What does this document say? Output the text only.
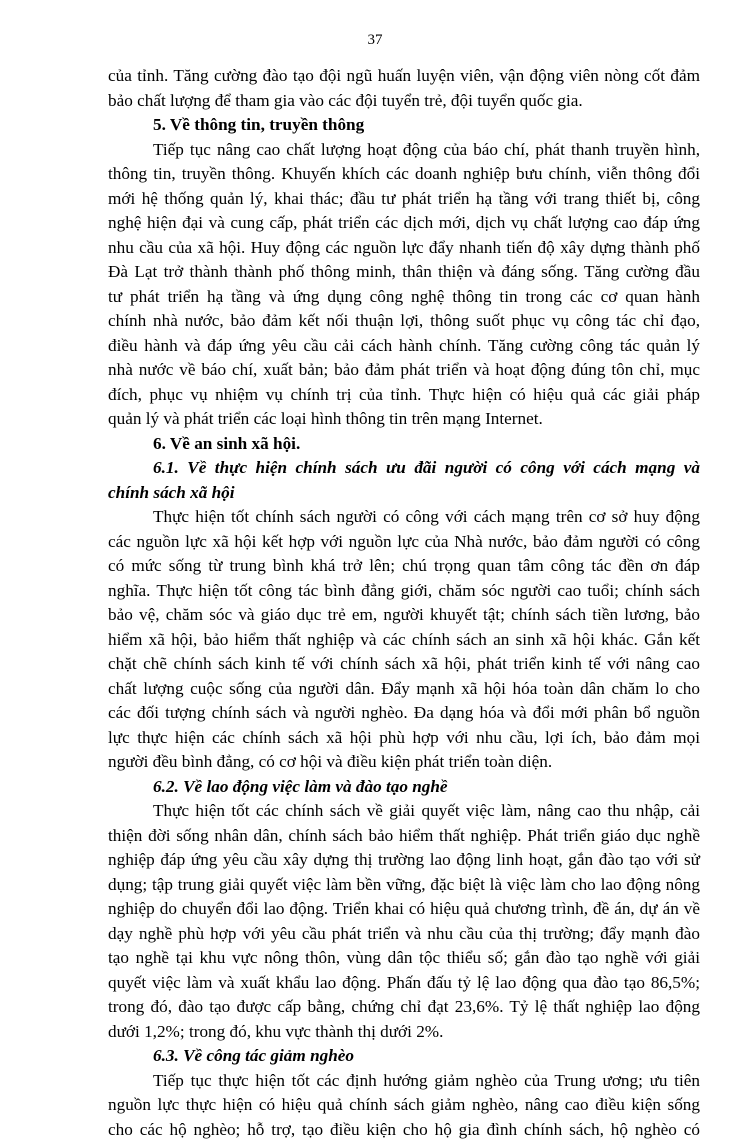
37
của tỉnh. Tăng cường đào tạo đội ngũ huấn luyện viên, vận động viên nòng cốt đảm
bảo chất lượng để tham gia vào các đội tuyển trẻ, đội tuyển quốc gia.
5. Về thông tin, truyền thông
Tiếp tục nâng cao chất lượng hoạt động của báo chí, phát thanh truyền hình,
thông tin, truyền thông. Khuyến khích các doanh nghiệp bưu chính, viễn thông đổi
mới hệ thống quản lý, khai thác; đầu tư phát triển hạ tầng với trang thiết bị, công
nghệ hiện đại và cung cấp, phát triển các dịch mới, dịch vụ chất lượng cao đáp ứng
nhu cầu của xã hội. Huy động các nguồn lực đẩy nhanh tiến độ xây dựng thành phố
Đà Lạt trở thành thành phố thông minh, thân thiện và đáng sống. Tăng cường đầu
tư phát triển hạ tầng và ứng dụng công nghệ thông tin trong các cơ quan hành
chính nhà nước, bảo đảm kết nối thuận lợi, thông suốt phục vụ công tác chỉ đạo,
điều hành và đáp ứng yêu cầu cải cách hành chính. Tăng cường công tác quản lý
nhà nước về báo chí, xuất bản; bảo đảm phát triển và hoạt động đúng tôn chỉ, mục
đích, phục vụ nhiệm vụ chính trị của tỉnh. Thực hiện có hiệu quả các giải pháp
quản lý và phát triển các loại hình thông tin trên mạng Internet.
6. Về an sinh xã hội.
6.1. Về thực hiện chính sách ưu đãi người có công với cách mạng và
chính sách xã hội
Thực hiện tốt chính sách người có công với cách mạng trên cơ sở huy động
các nguồn lực xã hội kết hợp với nguồn lực của Nhà nước, bảo đảm người có công
có mức sống từ trung bình khá trở lên; chú trọng quan tâm công tác đền ơn đáp
nghĩa. Thực hiện tốt công tác bình đẳng giới, chăm sóc người cao tuổi; chính sách
bảo vệ, chăm sóc và giáo dục trẻ em, người khuyết tật; chính sách tiền lương, bảo
hiểm xã hội, bảo hiểm thất nghiệp và các chính sách an sinh xã hội khác. Gắn kết
chặt chẽ chính sách kinh tế với chính sách xã hội, phát triển kinh tế với nâng cao
chất lượng cuộc sống của người dân. Đẩy mạnh xã hội hóa toàn dân chăm lo cho
các đối tượng chính sách và người nghèo. Đa dạng hóa và đổi mới phân bổ nguồn
lực thực hiện các chính sách xã hội phù hợp với nhu cầu, lợi ích, bảo đảm mọi
người đều bình đẳng, có cơ hội và điều kiện phát triển toàn diện.
6.2. Về lao động việc làm và đào tạo nghề
Thực hiện tốt các chính sách về giải quyết việc làm, nâng cao thu nhập, cải
thiện đời sống nhân dân, chính sách bảo hiểm thất nghiệp. Phát triển giáo dục nghề
nghiệp đáp ứng yêu cầu xây dựng thị trường lao động linh hoạt, gắn đào tạo với sử
dụng; tập trung giải quyết việc làm bền vững, đặc biệt là việc làm cho lao động nông
nghiệp do chuyển đổi lao động. Triển khai có hiệu quả chương trình, đề án, dự án về
dạy nghề phù hợp với yêu cầu phát triển và nhu cầu của thị trường; đẩy mạnh đào
tạo nghề tại khu vực nông thôn, vùng dân tộc thiểu số; gắn đào tạo nghề với giải
quyết việc làm và xuất khẩu lao động. Phấn đấu tỷ lệ lao động qua đào tạo 86,5%;
trong đó, đào tạo được cấp bằng, chứng chỉ đạt 23,6%. Tỷ lệ thất nghiệp lao động
dưới 1,2%; trong đó, khu vực thành thị dưới 2%.
6.3. Về công tác giảm nghèo
Tiếp tục thực hiện tốt các định hướng giảm nghèo của Trung ương; ưu tiên
nguồn lực thực hiện có hiệu quả chính sách giảm nghèo, nâng cao điều kiện sống
cho các hộ nghèo; hỗ trợ, tạo điều kiện cho hộ gia đình chính sách, hộ nghèo có
